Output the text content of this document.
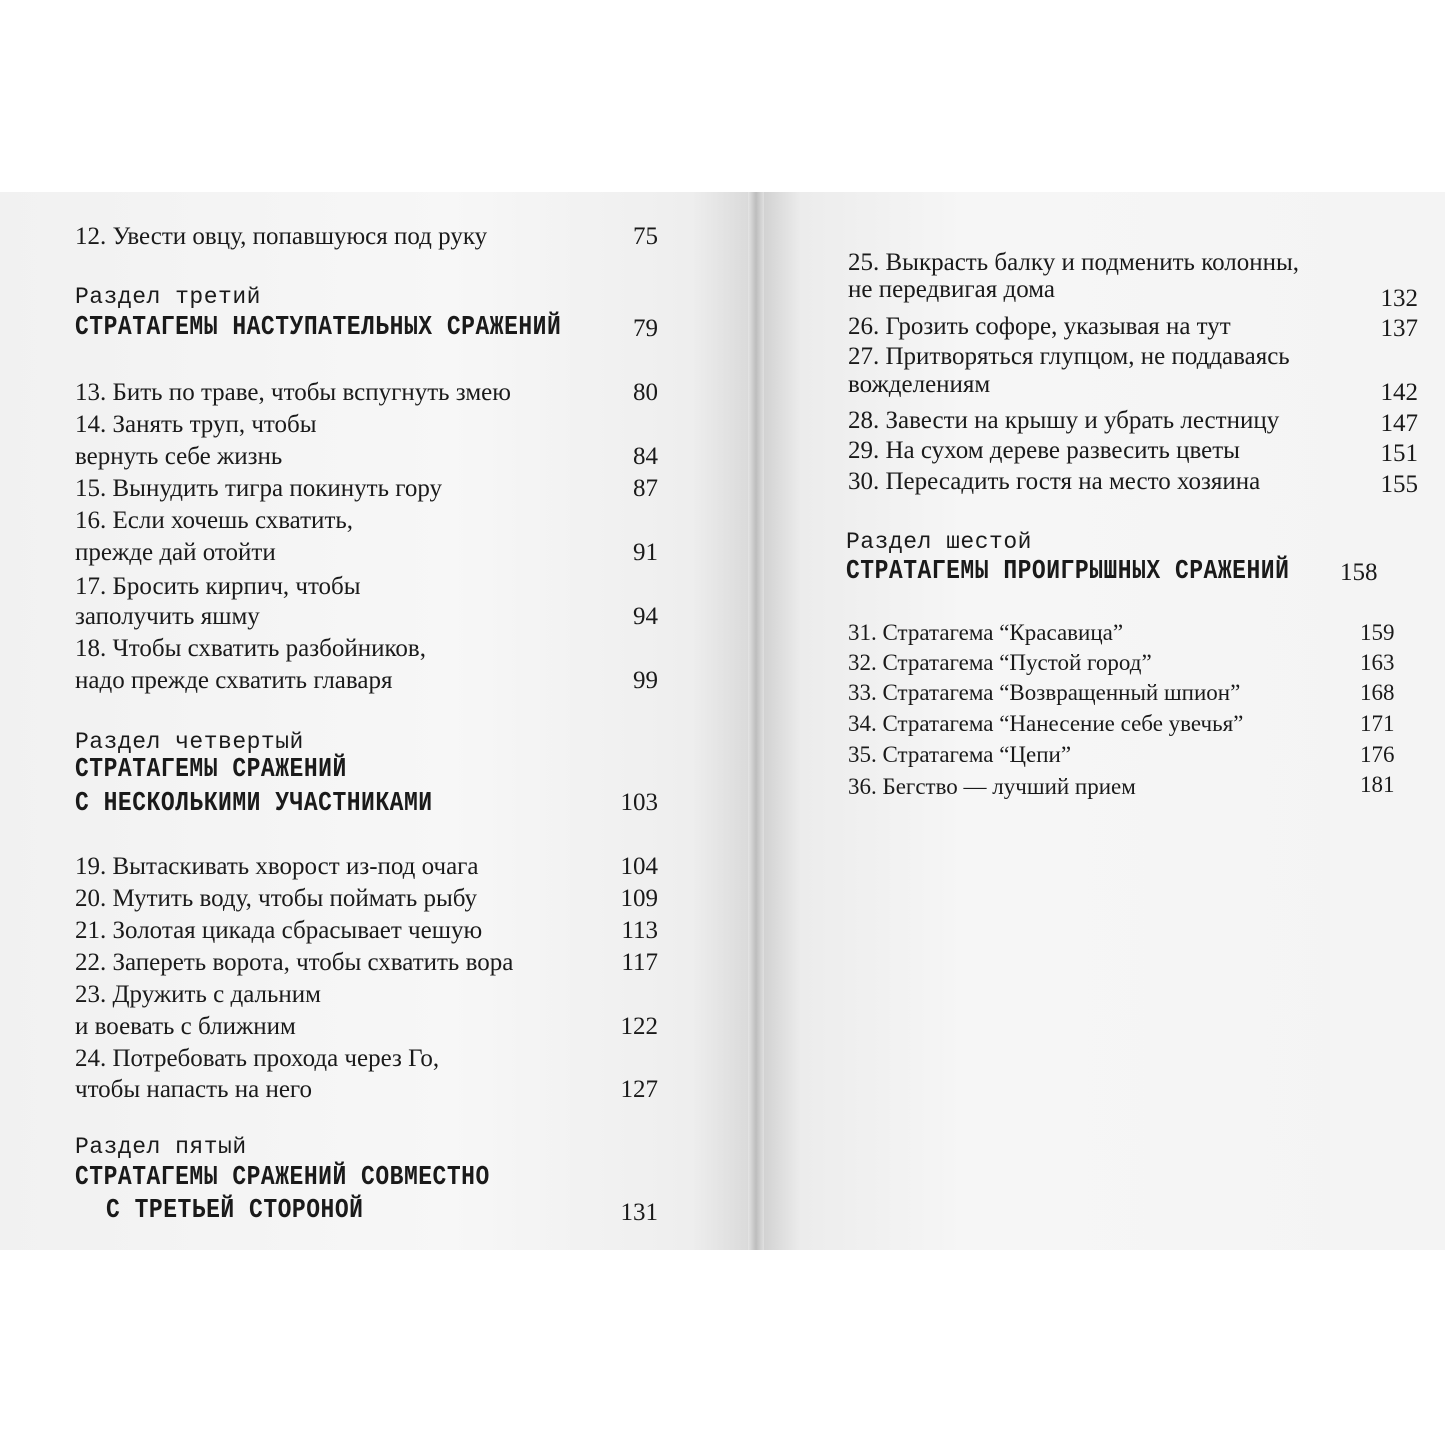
12. Увести овцу, попавшуюся под руку	75
Раздел третий
СТРАТАГЕМЫ НАСТУПАТЕЛЬНЫХ СРАЖЕНИЙ	79
13. Бить по траве, чтобы вспугнуть змею	80
14. Занять труп, чтобы
вернуть себе жизнь	84
15. Вынудить тигра покинуть гору	87
16. Если хочешь схватить,
прежде дай отойти	91
17. Бросить кирпич, чтобы
заполучить яшму	94
18. Чтобы схватить разбойников,
надо прежде схватить главаря	99
Раздел четвертый
СТРАТАГЕМЫ СРАЖЕНИЙ
С НЕСКОЛЬКИМИ УЧАСТНИКАМИ	103
19. Вытаскивать хворост из-под очага	104
20. Мутить воду, чтобы поймать рыбу	109
21. Золотая цикада сбрасывает чешую	113
22. Запереть ворота, чтобы схватить вора	117
23. Дружить с дальним
и воевать с ближним	122
24. Потребовать прохода через Го,
чтобы напасть на него	127
Раздел пятый
СТРАТАГЕМЫ СРАЖЕНИЙ СОВМЕСТНО
С ТРЕТЬЕЙ СТОРОНОЙ	131
25. Выкрасть балку и подменить колонны,
не передвигая дома	132
26. Грозить софоре, указывая на тут	137
27. Притворяться глупцом, не поддаваясь
вожделениям	142
28. Завести на крышу и убрать лестницу	147
29. На сухом дереве развесить цветы	151
30. Пересадить гостя на место хозяина	155
Раздел шестой
СТРАТАГЕМЫ ПРОИГРЫШНЫХ СРАЖЕНИЙ 158
31. Стратагема “Красавица”	159
32. Стратагема “Пустой город”	163
33. Стратагема “Возвращенный шпион”	168
34. Стратагема “Нанесение себе увечья”	171
35. Стратагема “Цепи”	176
36. Бегство — лучший прием	181
